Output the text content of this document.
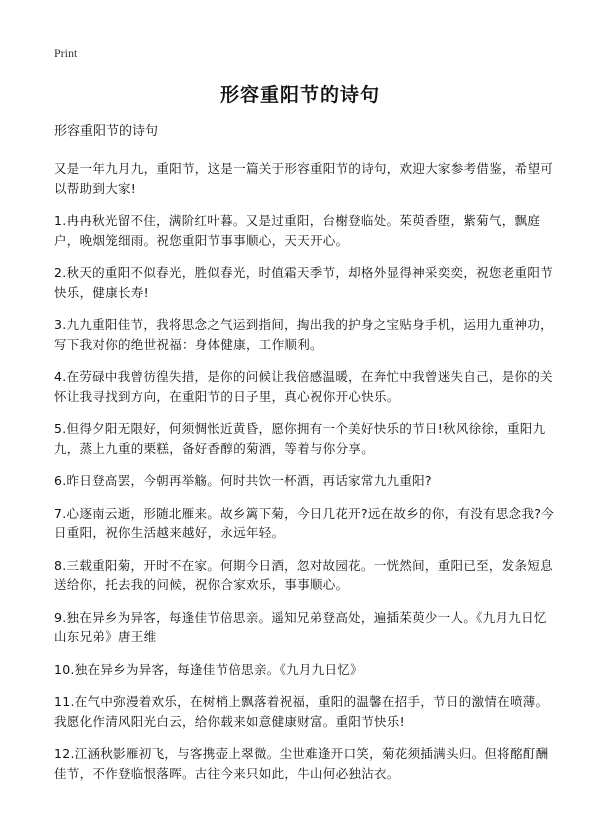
Print
形容重阳节的诗句

形容重阳节的诗句

又是一年九月九，重阳节，这是一篇关于形容重阳节的诗句，欢迎大家参考借鉴，希望可以帮助到大家!

1.冉冉秋光留不住，满阶红叶暮。又是过重阳，台榭登临处。茱萸香堕，紫菊气，飘庭户，晚烟笼细雨。祝您重阳节事事顺心，天天开心。

2.秋天的重阳不似春光，胜似春光，时值霜天季节，却格外显得神采奕奕，祝您老重阳节快乐，健康长寿!

3.九九重阳佳节，我将思念之气运到指间，掏出我的护身之宝贴身手机，运用九重神功，写下我对你的绝世祝福：身体健康，工作顺利。

4.在劳碌中我曾彷徨失措，是你的问候让我倍感温暖，在奔忙中我曾迷失自己，是你的关怀让我寻找到方向，在重阳节的日子里，真心祝你开心快乐。

5.但得夕阳无限好，何须惆怅近黄昏，愿你拥有一个美好快乐的节日!秋风徐徐，重阳九九，蒸上九重的栗糕，备好香醇的菊酒，等着与你分享。

6.昨日登高罢，今朝再举觞。何时共饮一杯酒，再话家常九九重阳?

7.心逐南云逝，形随北雁来。故乡篱下菊，今日几花开?远在故乡的你，有没有思念我?今日重阳，祝你生活越来越好，永远年轻。

8.三载重阳菊，开时不在家。何期今日酒，忽对故园花。一恍然间，重阳已至，发条短息送给你，托去我的问候，祝你合家欢乐，事事顺心。

9.独在异乡为异客，每逢佳节倍思亲。遥知兄弟登高处，遍插茱萸少一人。《九月九日忆山东兄弟》唐王维

10.独在异乡为异客，每逢佳节倍思亲。《九月九日忆》

11.在气中弥漫着欢乐，在树梢上飘落着祝福，重阳的温馨在招手，节日的激情在喷薄。我愿化作清风阳光白云，给你载来如意健康财富。重阳节快乐!

12.江涵秋影雁初飞，与客携壶上翠微。尘世难逢开口笑，菊花须插满头归。但将酩酊酬佳节，不作登临恨落晖。古往今来只如此，牛山何必独沾衣。
